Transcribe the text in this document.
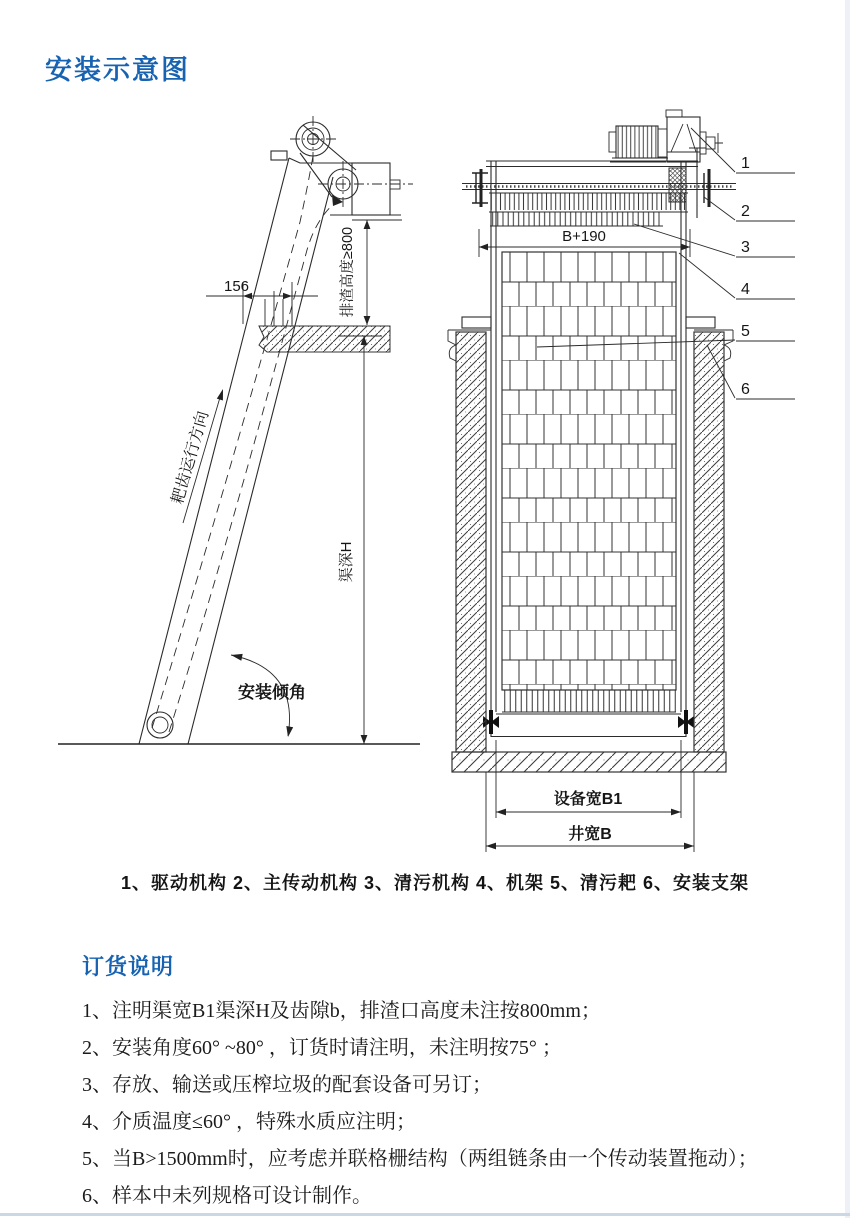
安装示意图
156	排渣高度≥800
渠深H
安装倾角
耙齿运行方向
B+190
设备宽B1
井宽B
1
2
3
4
5
6
1、驱动机构 2、主传动机构 3、清污机构 4、机架 5、清污耙 6、安装支架
订货说明
1、注明渠宽B1渠深H及齿隙b，排渣口高度未注按800mm；
2、安装角度60° ~80° ，订货时请注明，未注明按75° ；
3、存放、输送或压榨垃圾的配套设备可另订；
4、介质温度≤60° ，特殊水质应注明；
5、当B>1500mm时，应考虑并联格栅结构（两组链条由一个传动装置拖动）；
6、样本中未列规格可设计制作。
